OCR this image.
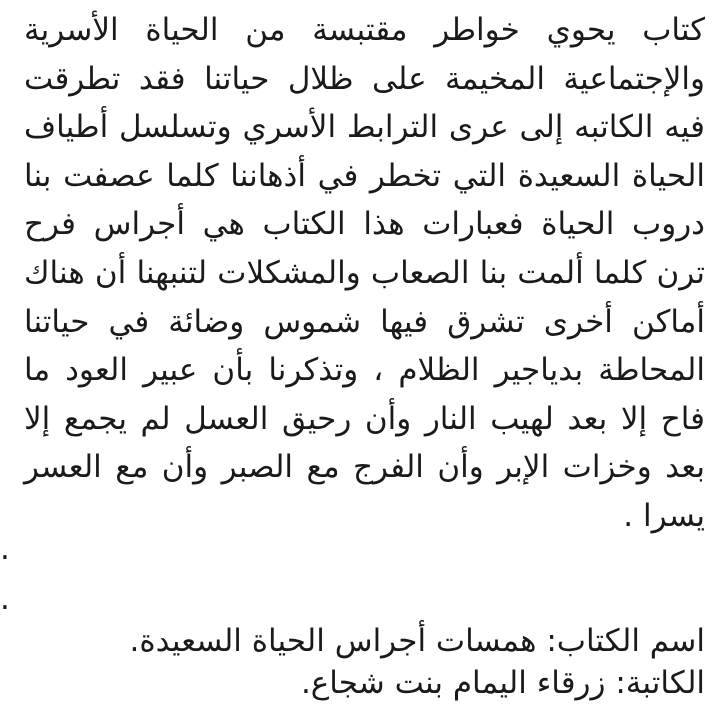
كتاب يحوي خواطر مقتبسة من الحياة الأسرية

والإجتماعية المخيمة على ظلال حياتنا فقد تطرقت

فيه الكاتبه إلى عرى الترابط الأسري وتسلسل أطياف

الحياة السعيدة التي تخطر في أذهاننا كلما عصفت بنا

دروب الحياة فعبارات هذا الكتاب هي أجراس فرح

ترن كلما ألمت بنا الصعاب والمشكلات لتنبهنا أن هناك

أماكن أخرى تشرق فيها شموس وضائة في حياتنا

المحاطة بدياجير الظلام ، وتذكرنا بأن عبير العود ما

فاح إلا بعد لهيب النار وأن رحيق العسل لم يجمع إلا

بعد وخزات الإبر وأن الفرج مع الصبر وأن مع العسر

يسرا .

.

.

اسم الكتاب: همسات أجراس الحياة السعيدة.

الكاتبة: زرقاء اليمام بنت شجاع.
